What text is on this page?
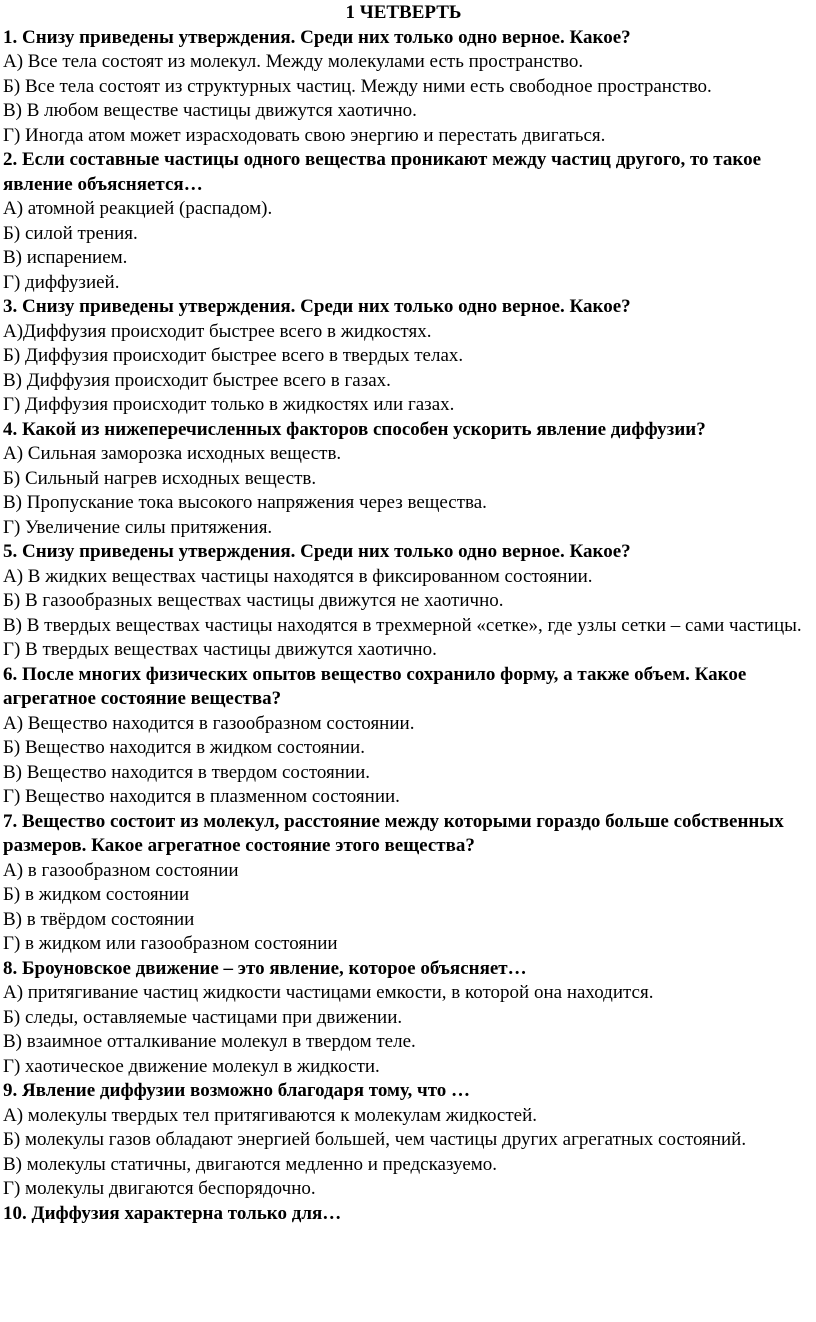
1 ЧЕТВЕРТЬ

1. Снизу приведены утверждения. Среди них только одно верное. Какое?

А) Все тела состоят из молекул. Между молекулами есть пространство.

Б) Все тела состоят из структурных частиц. Между ними есть свободное пространство.

В) В любом веществе частицы движутся хаотично.

Г) Иногда атом может израсходовать свою энергию и перестать двигаться.

2. Если составные частицы одного вещества проникают между частиц другого, то такое явление объясняется…

А) атомной реакцией (распадом).

Б) силой трения.

В) испарением.

Г) диффузией.

3. Снизу приведены утверждения. Среди них только одно верное. Какое?

А)Диффузия происходит быстрее всего в жидкостях.

Б) Диффузия происходит быстрее всего в твердых телах.

В) Диффузия происходит быстрее всего в газах.

Г) Диффузия происходит только в жидкостях или газах.

4. Какой из нижеперечисленных факторов способен ускорить явление диффузии?

А) Сильная заморозка исходных веществ.

Б) Сильный нагрев исходных веществ.

В) Пропускание тока высокого напряжения через вещества.

Г) Увеличение силы притяжения.

5. Снизу приведены утверждения. Среди них только одно верное. Какое?

А) В жидких веществах частицы находятся в фиксированном состоянии.

Б) В газообразных веществах частицы движутся не хаотично.

В) В твердых веществах частицы находятся в трехмерной «сетке», где узлы сетки – сами частицы.

Г) В твердых веществах частицы движутся хаотично.

6. После многих физических опытов вещество сохранило форму, а также объем. Какое агрегатное состояние вещества?

А) Вещество находится в газообразном состоянии.

Б) Вещество находится в жидком состоянии.

В) Вещество находится в твердом состоянии.

Г) Вещество находится в плазменном состоянии.

7. Вещество состоит из молекул, расстояние между которыми гораздо больше собственных размеров. Какое агрегатное состояние этого вещества?

А) в газообразном состоянии

Б) в жидком состоянии

В) в твёрдом состоянии

Г) в жидком или газообразном состоянии

8. Броуновское движение – это явление, которое объясняет…

А) притягивание частиц жидкости частицами емкости, в которой она находится.

Б) следы, оставляемые частицами при движении.

В) взаимное отталкивание молекул в твердом теле.

Г) хаотическое движение молекул в жидкости.

9. Явление диффузии возможно благодаря тому, что …

А) молекулы твердых тел притягиваются к молекулам жидкостей.

Б) молекулы газов обладают энергией большей, чем частицы других агрегатных состояний.

В) молекулы статичны, двигаются медленно и предсказуемо.

Г) молекулы двигаются беспорядочно.

10. Диффузия характерна только для…
